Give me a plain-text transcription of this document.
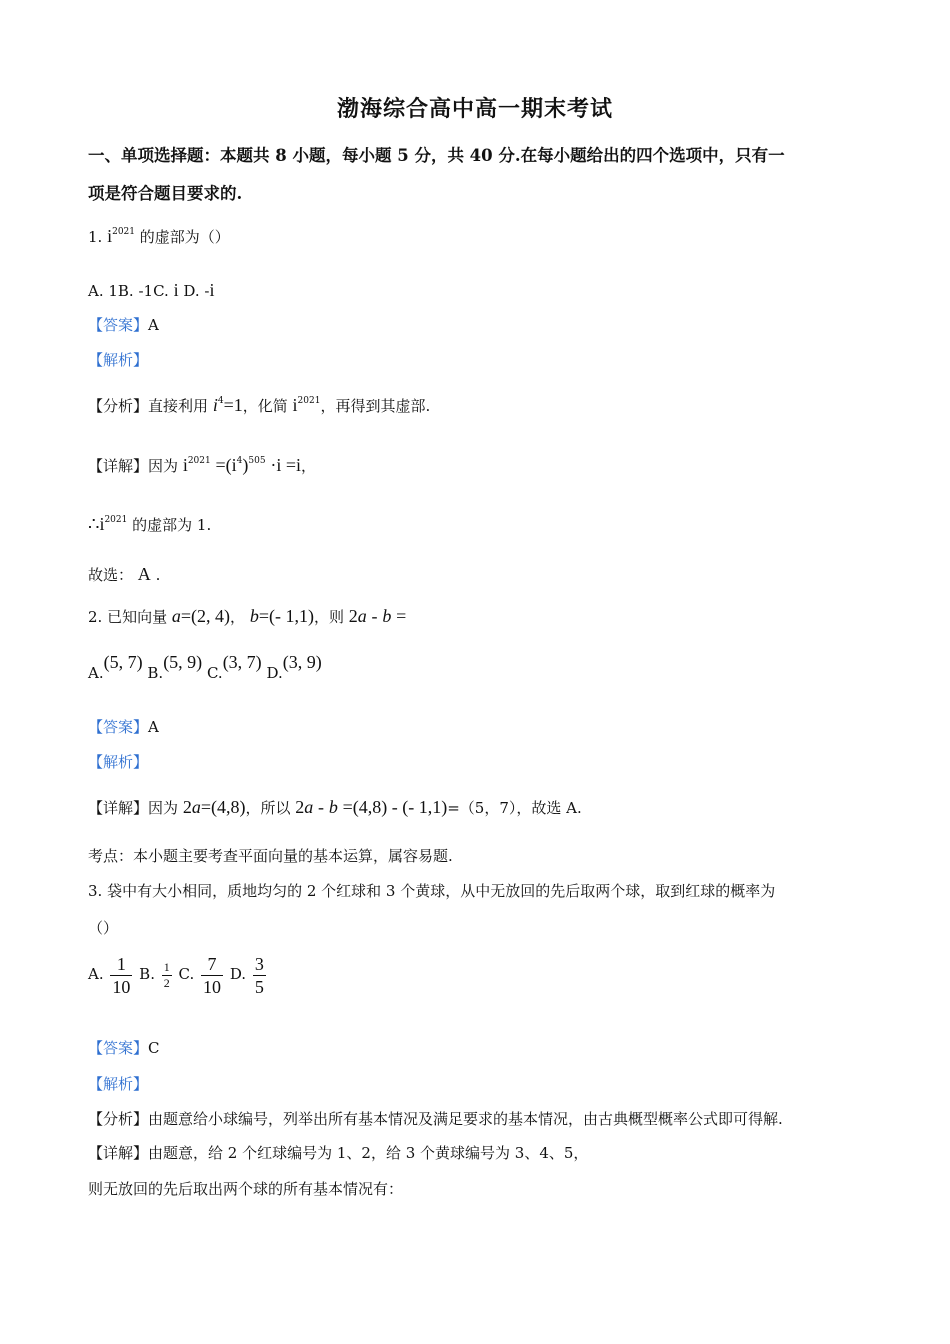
渤海综合高中高一期末考试
一、单项选择题：本题共 8 小题，每小题 5 分，共 40 分.在每小题给出的四个选项中，只有一
项是符合题目要求的.
1. $i^{2021}$ 的虚部为（）
A. 1B. -1C. i D. -i
【答案】A
【解析】
【分析】直接利用 $i^4=1$，化简 $i^{2021}$，再得到其虚部.
【详解】因为 $i^{2021} =(i^4)^{505} \cdot i =i$，
$\therefore i^{2021}$ 的虚部为 1.
故选： A .
2. 已知向量 a=(2, 4)， b=(- 1,1)，则 2a - b =
A.(5, 7) B.(5, 9) C.(3, 7) D.(3, 9)
【答案】A
【解析】
【详解】因为 2a=(4,8)，所以 2a - b =(4,8) - (- 1,1)=（5，7），故选 A.
考点：本小题主要考查平面向量的基本运算，属容易题.
3. 袋中有大小相同，质地均匀的 2 个红球和 3 个黄球，从中无放回的先后取两个球，取到红球的概率为
（）
A. $\frac{1}{10} B$. $\frac{1}{2} C$. $\frac{7}{10} D$. $\frac{3}{5}$
【答案】C
【解析】
【分析】由题意给小球编号，列举出所有基本情况及满足要求的基本情况，由古典概型概率公式即可得解.
【详解】由题意，给 2 个红球编号为 1、2，给 3 个黄球编号为 3、4、5，
则无放回的先后取出两个球的所有基本情况有：
